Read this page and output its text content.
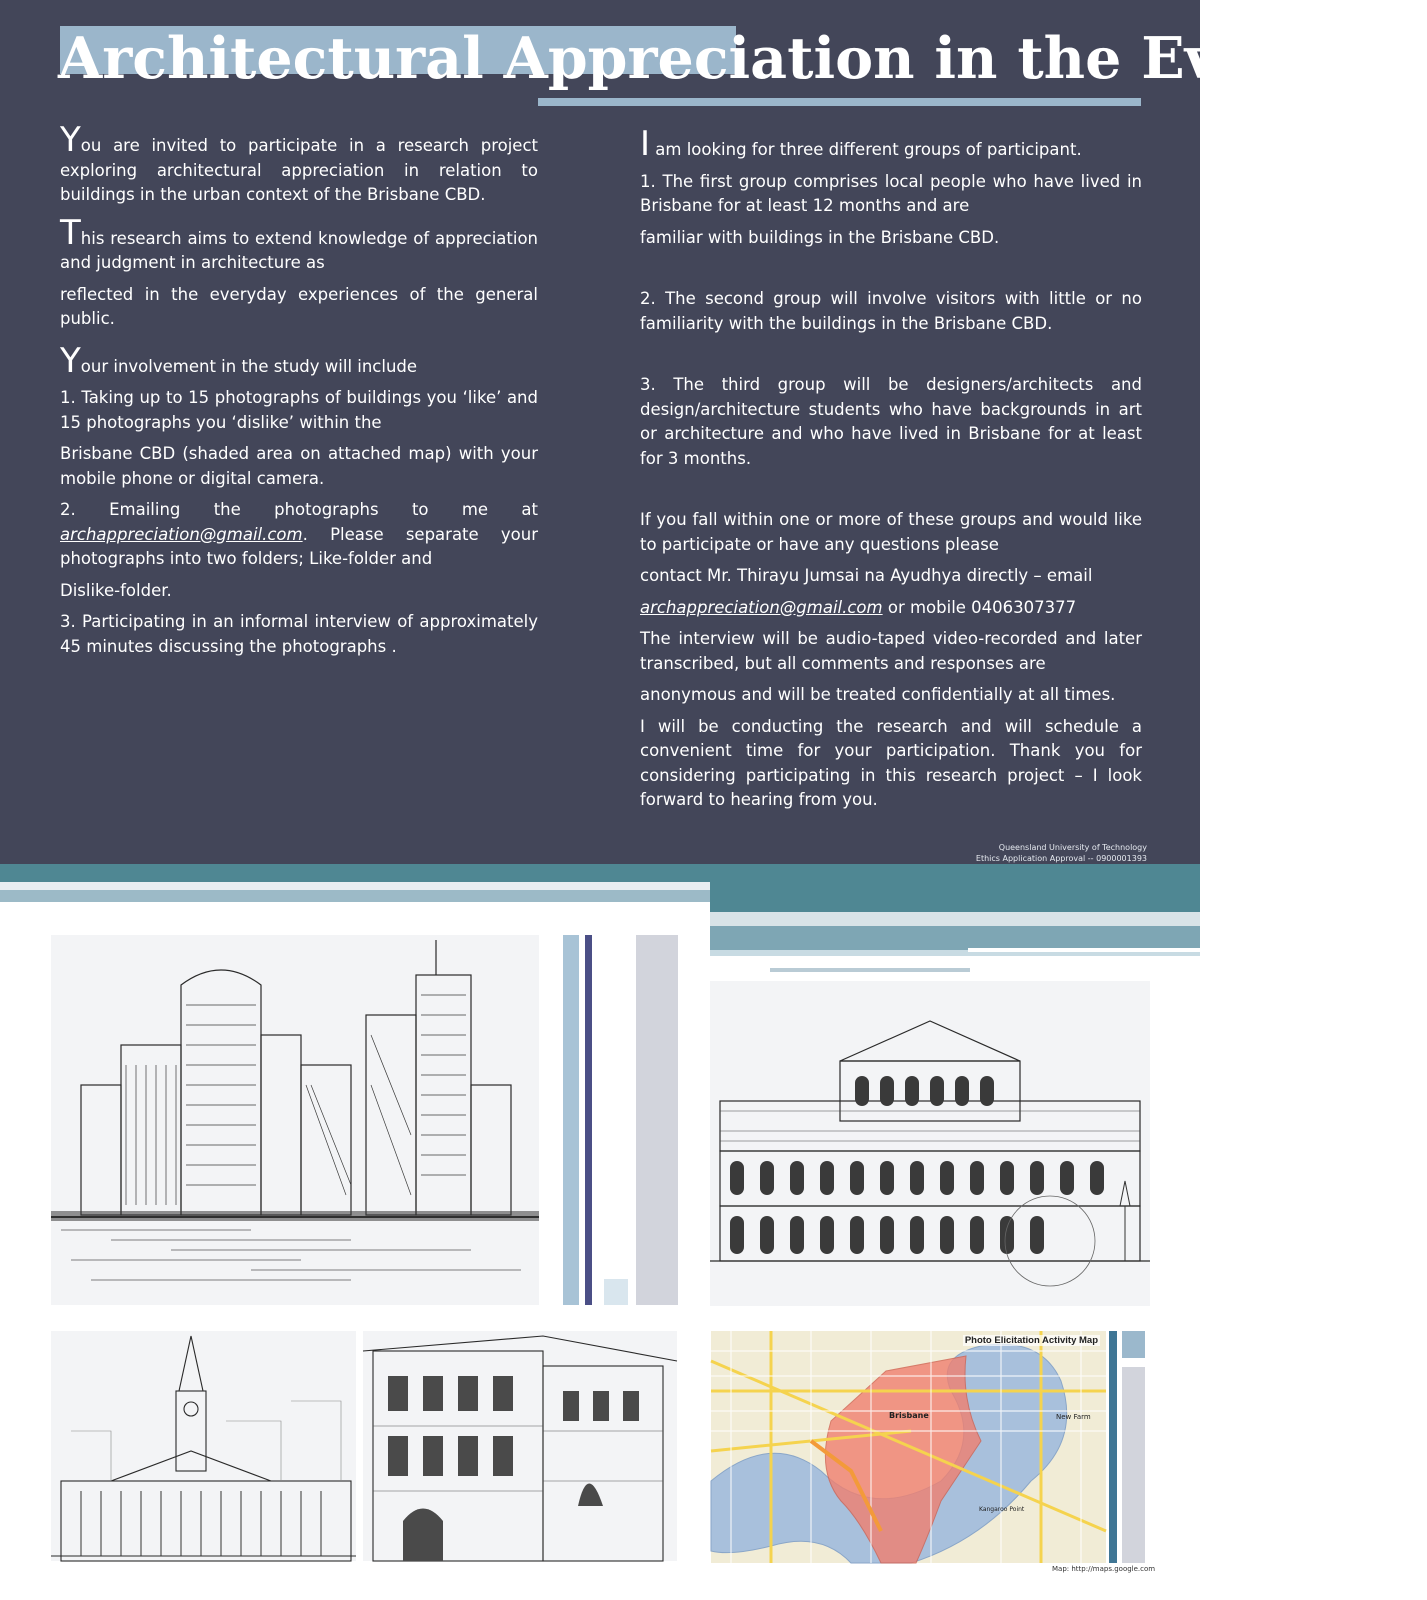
Architectural Appreciation in the Everyday

You are invited to participate in a research project exploring architectural appreciation in relation to buildings in the urban context of the Brisbane CBD.

This research aims to extend knowledge of appreciation and judgment in architecture as

reflected in the everyday experiences of the general public.

Your involvement in the study will include

1. Taking up to 15 photographs of buildings you ‘like’ and 15 photographs you ‘dislike’ within the

Brisbane CBD (shaded area on attached map) with your mobile phone or digital camera.

2. Emailing the photographs to me at archappreciation@gmail.com. Please separate your photographs into two folders; Like-folder and

Dislike-folder.

3. Participating in an informal interview of approximately 45 minutes discussing the photographs .

I am looking for three different groups of participant.

1. The first group comprises local people who have lived in Brisbane for at least 12 months and are

familiar with buildings in the Brisbane CBD.

2. The second group will involve visitors with little or no familiarity with the buildings in the Brisbane CBD.

3. The third group will be designers/architects and design/architecture students who have backgrounds in art or architecture and who have lived in Brisbane for at least for 3 months.

If you fall within one or more of these groups and would like to participate or have any questions please

contact Mr. Thirayu Jumsai na Ayudhya directly – email

archappreciation@gmail.com or mobile 0406307377

The interview will be audio-taped video-recorded and later transcribed, but all comments and responses are

anonymous and will be treated confidentially at all times.

I will be conducting the research and will schedule a convenient time for your participation. Thank you for considering participating in this research project – I look forward to hearing from you.

Queensland University of Technology
Ethics Application Approval -- 0900001393
Photo Elicitation Activity Map
Brisbane	New Farm
Kangaroo Point
Map: http://maps.google.com
